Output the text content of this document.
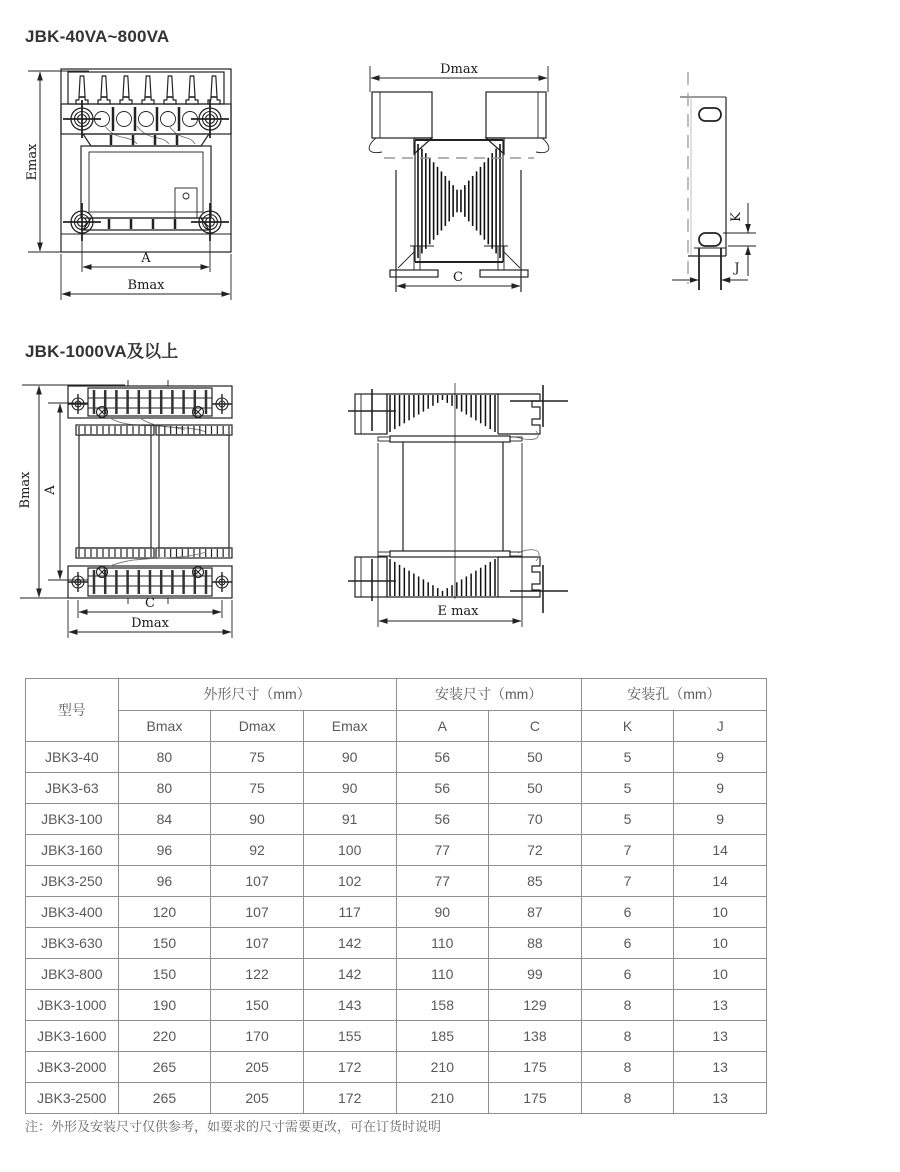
JBK-40VA~800VA
Emax
A
Bmax
Dmax
C
K
J
JBK-1000VA及以上
Bmax A
C
Dmax
E max
型号	外形尺寸（mm）			安装尺寸（mm）		安装孔（mm）	
	Bmax	Dmax	Emax	A	C	K	J
JBK3-40	80	75	90	56	50	5	9
JBK3-63	80	75	90	56	50	5	9
JBK3-100	84	90	91	56	70	5	9
JBK3-160	96	92	100	77	72	7	14
JBK3-250	96	107	102	77	85	7	14
JBK3-400	120	107	117	90	87	6	10
JBK3-630	150	107	142	110	88	6	10
JBK3-800	150	122	142	110	99	6	10
JBK3-1000	190	150	143	158	129	8	13
JBK3-1600	220	170	155	185	138	8	13
JBK3-2000	265	205	172	210	175	8	13
JBK3-2500	265	205	172	210	175	8	13

注：外形及安装尺寸仅供参考，如要求的尺寸需要更改，可在订货时说明
